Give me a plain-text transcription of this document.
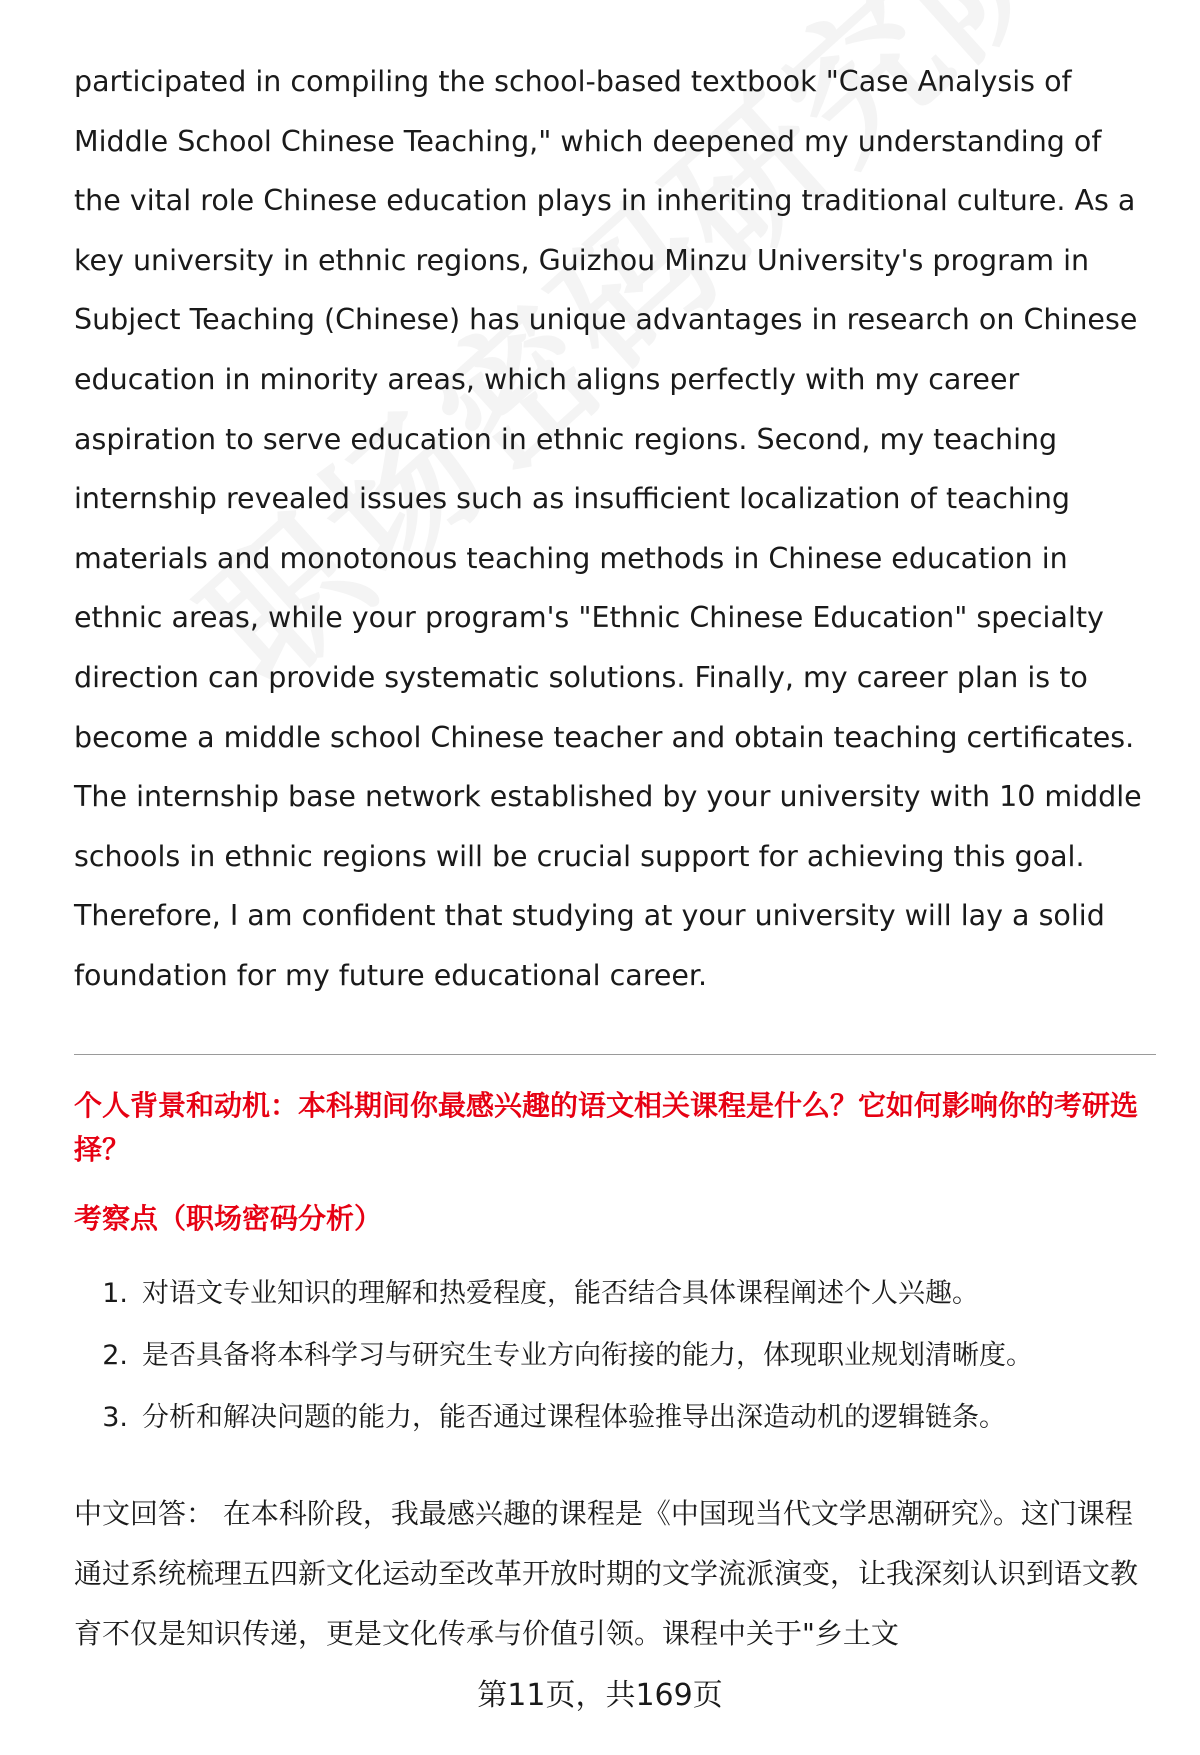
participated in compiling the school-based textbook "Case Analysis of Middle School Chinese Teaching," which deepened my understanding of the vital role Chinese education plays in inheriting traditional culture. As a key university in ethnic regions, Guizhou Minzu University's program in Subject Teaching (Chinese) has unique advantages in research on Chinese education in minority areas, which aligns perfectly with my career aspiration to serve education in ethnic regions. Second, my teaching internship revealed issues such as insufficient localization of teaching materials and monotonous teaching methods in Chinese education in ethnic areas, while your program's "Ethnic Chinese Education" specialty direction can provide systematic solutions. Finally, my career plan is to become a middle school Chinese teacher and obtain teaching certificates. The internship base network established by your university with 10 middle schools in ethnic regions will be crucial support for achieving this goal. Therefore, I am confident that studying at your university will lay a solid foundation for my future educational career.

个人背景和动机：本科期间你最感兴趣的语文相关课程是什么？它如何影响你的考研选择？

考察点（职场密码分析）

1. 对语文专业知识的理解和热爱程度，能否结合具体课程阐述个人兴趣。
2. 是否具备将本科学习与研究生专业方向衔接的能力，体现职业规划清晰度。
3. 分析和解决问题的能力，能否通过课程体验推导出深造动机的逻辑链条。

中文回答： 在本科阶段，我最感兴趣的课程是《中国现当代文学思潮研究》。这门课程通过系统梳理五四新文化运动至改革开放时期的文学流派演变，让我深刻认识到语文教育不仅是知识传递，更是文化传承与价值引领。课程中关于"乡土文

第11页，共169页
